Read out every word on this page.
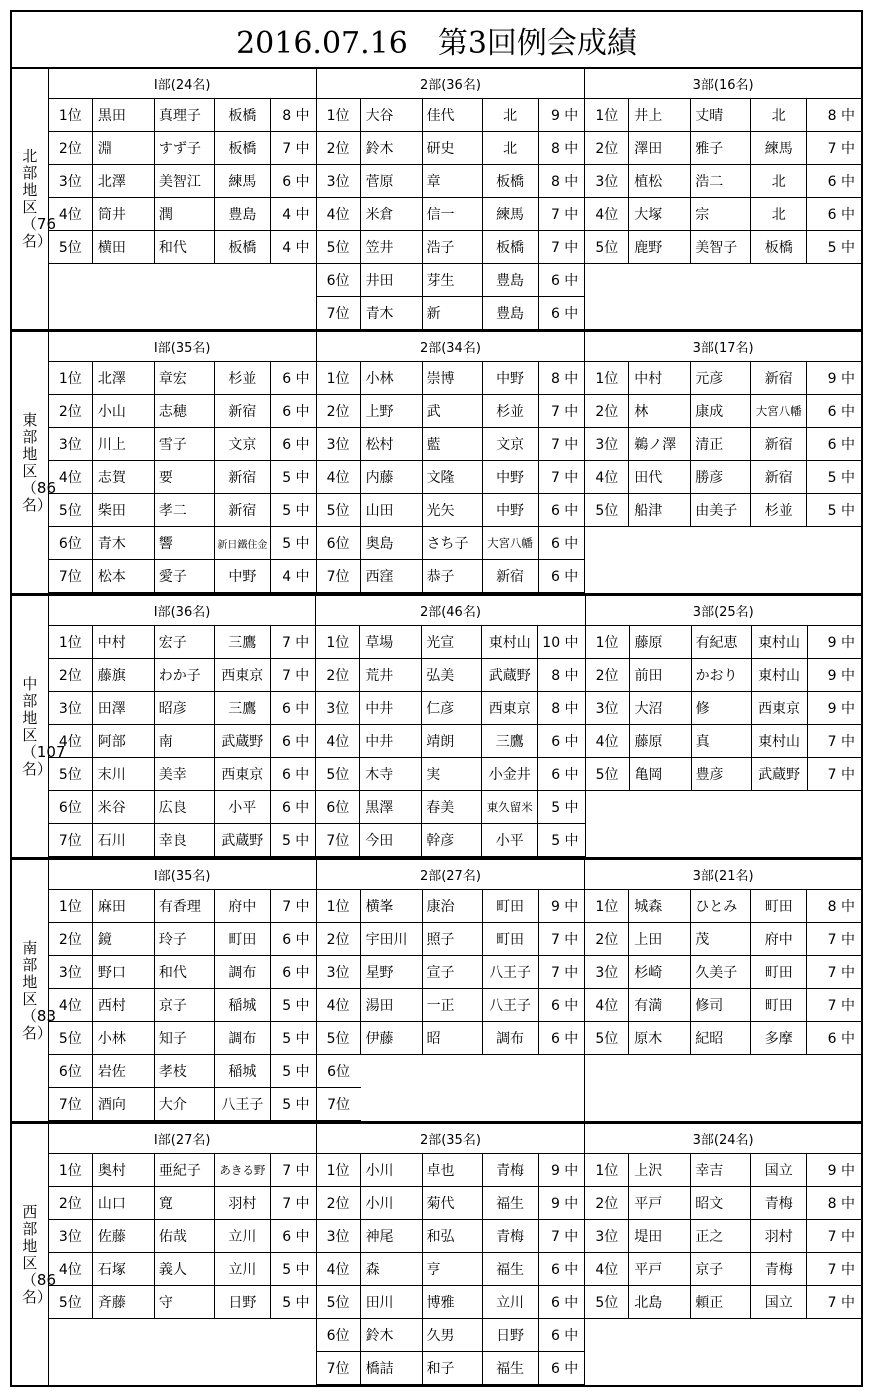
2016.07.16　第3回例会成績
北部地区（76名）
Ⅰ部(24名)
1位	黒田	真理子	板橋	8 中
2位	淵	すず子	板橋	7 中
3位	北澤	美智江	練馬	6 中
4位	筒井	潤	豊島	4 中
5位	横田	和代	板橋	4 中
2部(36名)
1位	大谷	佳代	北	9 中
2位	鈴木	研史	北	8 中
3位	菅原	章	板橋	8 中
4位	米倉	信一	練馬	7 中
5位	笠井	浩子	板橋	7 中
6位	井田	芽生	豊島	6 中
7位	青木	新	豊島	6 中
3部(16名)
1位	井上	丈晴	北	8 中
2位	澤田	雅子	練馬	7 中
3位	植松	浩二	北	6 中
4位	大塚	宗	北	6 中
5位	鹿野	美智子	板橋	5 中
東部地区（86名）
Ⅰ部(35名)
1位	北澤	章宏	杉並	6 中
2位	小山	志穂	新宿	6 中
3位	川上	雪子	文京	6 中
4位	志賀	要	新宿	5 中
5位	柴田	孝二	新宿	5 中
6位	青木	響	新日鐵住金	5 中
7位	松本	愛子	中野	4 中
2部(34名)
1位	小林	崇博	中野	8 中
2位	上野	武	杉並	7 中
3位	松村	藍	文京	7 中
4位	内藤	文隆	中野	7 中
5位	山田	光矢	中野	6 中
6位	奥島	さち子	大宮八幡	6 中
7位	西窪	恭子	新宿	6 中
3部(17名)
1位	中村	元彦	新宿	9 中
2位	林	康成	大宮八幡	6 中
3位	鵜ノ澤	清正	新宿	6 中
4位	田代	勝彦	新宿	5 中
5位	船津	由美子	杉並	5 中
中部地区（107名）
Ⅰ部(36名)
1位	中村	宏子	三鷹	7 中
2位	藤旗	わか子	西東京	7 中
3位	田澤	昭彦	三鷹	6 中
4位	阿部	南	武蔵野	6 中
5位	末川	美幸	西東京	6 中
6位	米谷	広良	小平	6 中
7位	石川	幸良	武蔵野	5 中
2部(46名)
1位	草場	光宣	東村山 10 中
2位	荒井	弘美	武蔵野	8 中
3位	中井	仁彦	西東京	8 中
4位	中井	靖朗	三鷹	6 中
5位	木寺	実	小金井	6 中
6位	黒澤	春美	東久留米	5 中
7位	今田	幹彦	小平	5 中
3部(25名)
1位	藤原	有紀恵	東村山	9 中
2位	前田	かおり	東村山	9 中
3位	大沼	修	西東京	9 中
4位	藤原	真	東村山	7 中
5位	亀岡	豊彦	武蔵野	7 中
南部地区（83名）
Ⅰ部(35名)
1位	麻田	有香理	府中	7 中
2位	鏡	玲子	町田	6 中
3位	野口	和代	調布	6 中
4位	西村	京子	稲城	5 中
5位	小林	知子	調布	5 中
6位	岩佐	孝枝	稲城	5 中
7位	酒向	大介	八王子	5 中
2部(27名)
1位	横峯	康治	町田	9 中
2位	宇田川	照子	町田	7 中
3位	星野	宣子	八王子	7 中
4位	湯田	一正	八王子	6 中
5位	伊藤	昭	調布	6 中
6位
7位
3部(21名)
1位	城森	ひとみ	町田	8 中
2位	上田	茂	府中	7 中
3位	杉崎	久美子	町田	7 中
4位	有満	修司	町田	7 中
5位	原木	紀昭	多摩	6 中
西部地区（86名）
Ⅰ部(27名)
1位	奥村	亜紀子	あきる野	7 中
2位	山口	寛	羽村	7 中
3位	佐藤	佑哉	立川	6 中
4位	石塚	義人	立川	5 中
5位	斉藤	守	日野	5 中
2部(35名)
1位	小川	卓也	青梅	9 中
2位	小川	菊代	福生	9 中
3位	神尾	和弘	青梅	7 中
4位	森	亨	福生	6 中
5位	田川	博雅	立川	6 中
6位	鈴木	久男	日野	6 中
7位	橋詰	和子	福生	6 中
3部(24名)
1位	上沢	幸吉	国立	9 中
2位	平戸	昭文	青梅	8 中
3位	堤田	正之	羽村	7 中
4位	平戸	京子	青梅	7 中
5位	北島	頼正	国立	7 中
